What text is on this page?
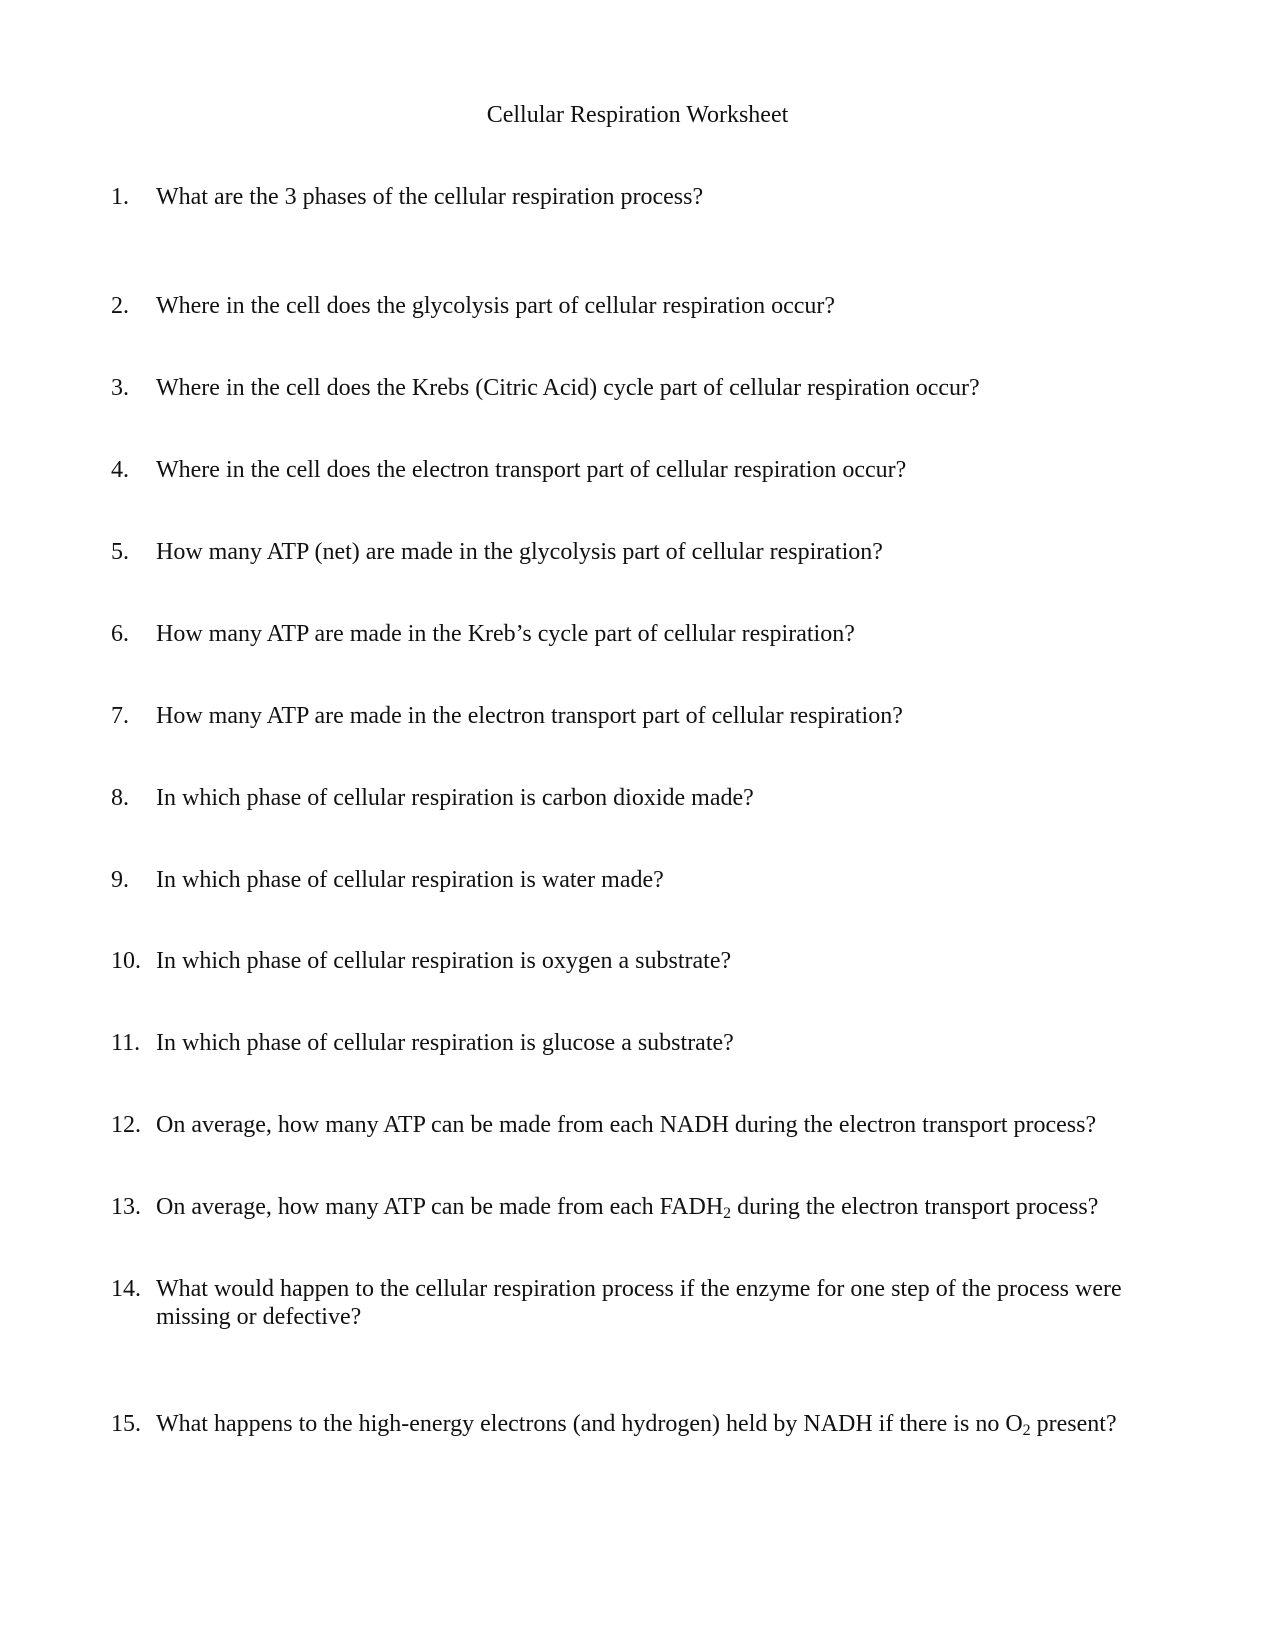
Cellular Respiration Worksheet
1. What are the 3 phases of the cellular respiration process?
2. Where in the cell does the glycolysis part of cellular respiration occur?
3. Where in the cell does the Krebs (Citric Acid) cycle part of cellular respiration occur?
4. Where in the cell does the electron transport part of cellular respiration occur?
5. How many ATP (net) are made in the glycolysis part of cellular respiration?
6. How many ATP are made in the Kreb’s cycle part of cellular respiration?
7. How many ATP are made in the electron transport part of cellular respiration?
8. In which phase of cellular respiration is carbon dioxide made?
9. In which phase of cellular respiration is water made?
10. In which phase of cellular respiration is oxygen a substrate?
11. In which phase of cellular respiration is glucose a substrate?
12. On average, how many ATP can be made from each NADH during the electron transport process?
13. On average, how many ATP can be made from each $FADH_2$ during the electron transport process?
14. What would happen to the cellular respiration process if the enzyme for one step of the process were missing or defective?
15. What happens to the high-energy electrons (and hydrogen) held by NADH if there is no $O_2$ present?
